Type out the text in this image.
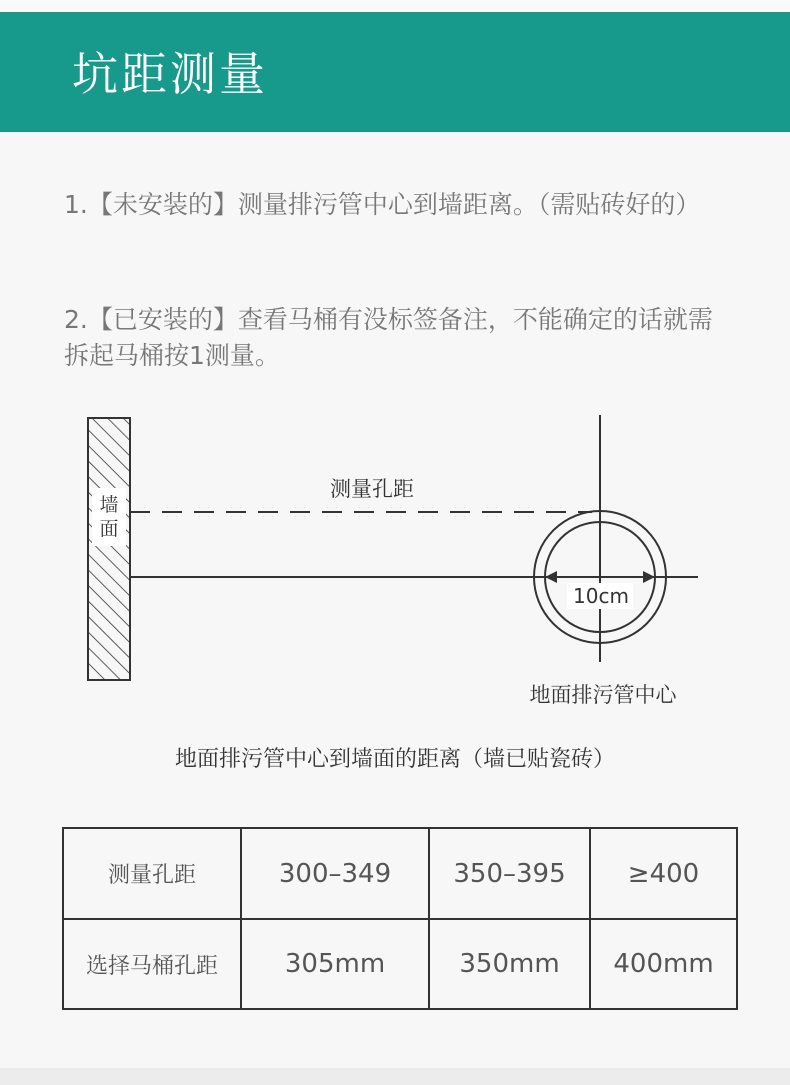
坑距测量
1.【未安装的】测量排污管中心到墙距离。（需贴砖好的）
2.【已安装的】查看马桶有没标签备注，不能确定的话就需拆起马桶按1测量。
墙
面
测量孔距
10cm
地面排污管中心
地面排污管中心到墙面的距离（墙已贴瓷砖）
测量孔距	300–349	350–395	≥400
选择马桶孔距	305mm	350mm	400mm
